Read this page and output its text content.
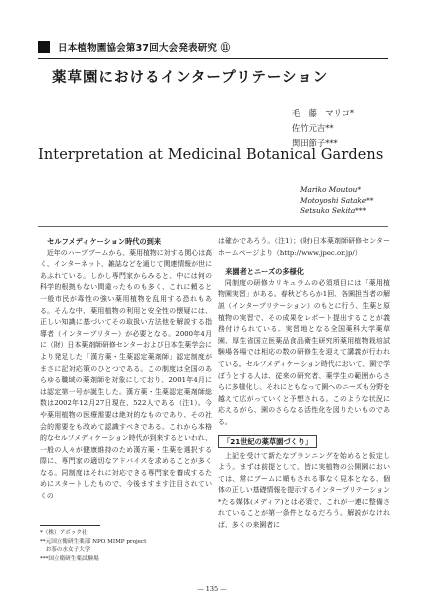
日本植物園協会第37回大会発表研究 ⑪
薬草園におけるインタープリテーション
毛　藤　マリコ*
佐竹元吉**
関田節子***
Interpretation at Medicinal Botanical Gardens
Mariko Moutou*
Motoyoshi Satake**
Setsuko Sekita***

セルフメディケーション時代の到来

近年のハーブブームから、薬用植物に対する関心は高く、インターネット、雑誌などを通じて関連情報が世にあふれている。しかし専門家からみると、中には何の科学的根拠もない間違ったものも多く、これに頼ると一般市民が毒性の強い薬用植物を乱用する恐れもある。そんな中、薬用植物の利用と安全性の懐疑には、正しい知識に基づいてその取扱い方法他を解説する指導者（インタープリター）が必要となる。2000年4月に（財）日本薬剤師研修センターおよび日本生薬学会により発足した「漢方薬・生薬認定薬剤師」認定制度がまさに記対応策のひとつである。この制度は全国のあらゆる職域の薬剤師を対象にしており、2001年4月には認定第一号が誕生した。漢方薬・生薬認定薬剤師総数は2002年12月27日現在、522人である（注1）。今や薬用植物の医療需要は絶対的なものであり、その社会的需要をも改めて認識すべきである。これから本格的なセルフメディケーション時代が到来するといわれ、一般の人々が健康維持のため漢方薬・生薬を選択する際に、専門家の適切なアドバイスを求めることが多くなる。同制度はそれに対応できる専門家を養成するためにスタートしたもので、今後ますます注目されていくの

は確かであろう。（注1）；(財)日本薬剤師研修センターホームページより（http://www.jpec.or.jp/）

来園者とニーズの多様化

同制度の研修カリキュラムの必須項目には「薬用植物園実習」がある。春秋どちらか1回、各園担当者の解説（インタープリテーション）のもとに行う、生薬と原植物の実習で、その成果をレポート提出することが義務付けられている。実習地となる全国薬科大学薬草園、厚生省国立医薬品食品衛生研究所薬用植物栽培試験場各場では相応の数の研修生を迎えて講義が行われている。セルフメディケーション時代において、園で学ぼうとする人は、従来の研究者、薬学生の範囲からさらに多様化し、それにともなって園へのニーズも分野を越えて広がっていくと予想される。このような状況に応えるがら、園のさらなる活性化を図りたいものである。

「21世紀の薬草園づくり」

上記を受けて新たなプランニングを始めると仮定しよう。まずは前提として、皆に実植物の公開園においては、常にブームに順もされる事なく見本となる、個体の正しい基礎情報を提示するインタープリテーション*たる媒体(メディア)とは必須で、これが一連に整備されていることが第一条件となるだろう。解説がなければ、多くの来園者に

*（株）アボック社
**元国立衛研生薬部 NPO MIMP project
　お茶の水女子大学
***国立衛研生薬試験場
— 135 —
